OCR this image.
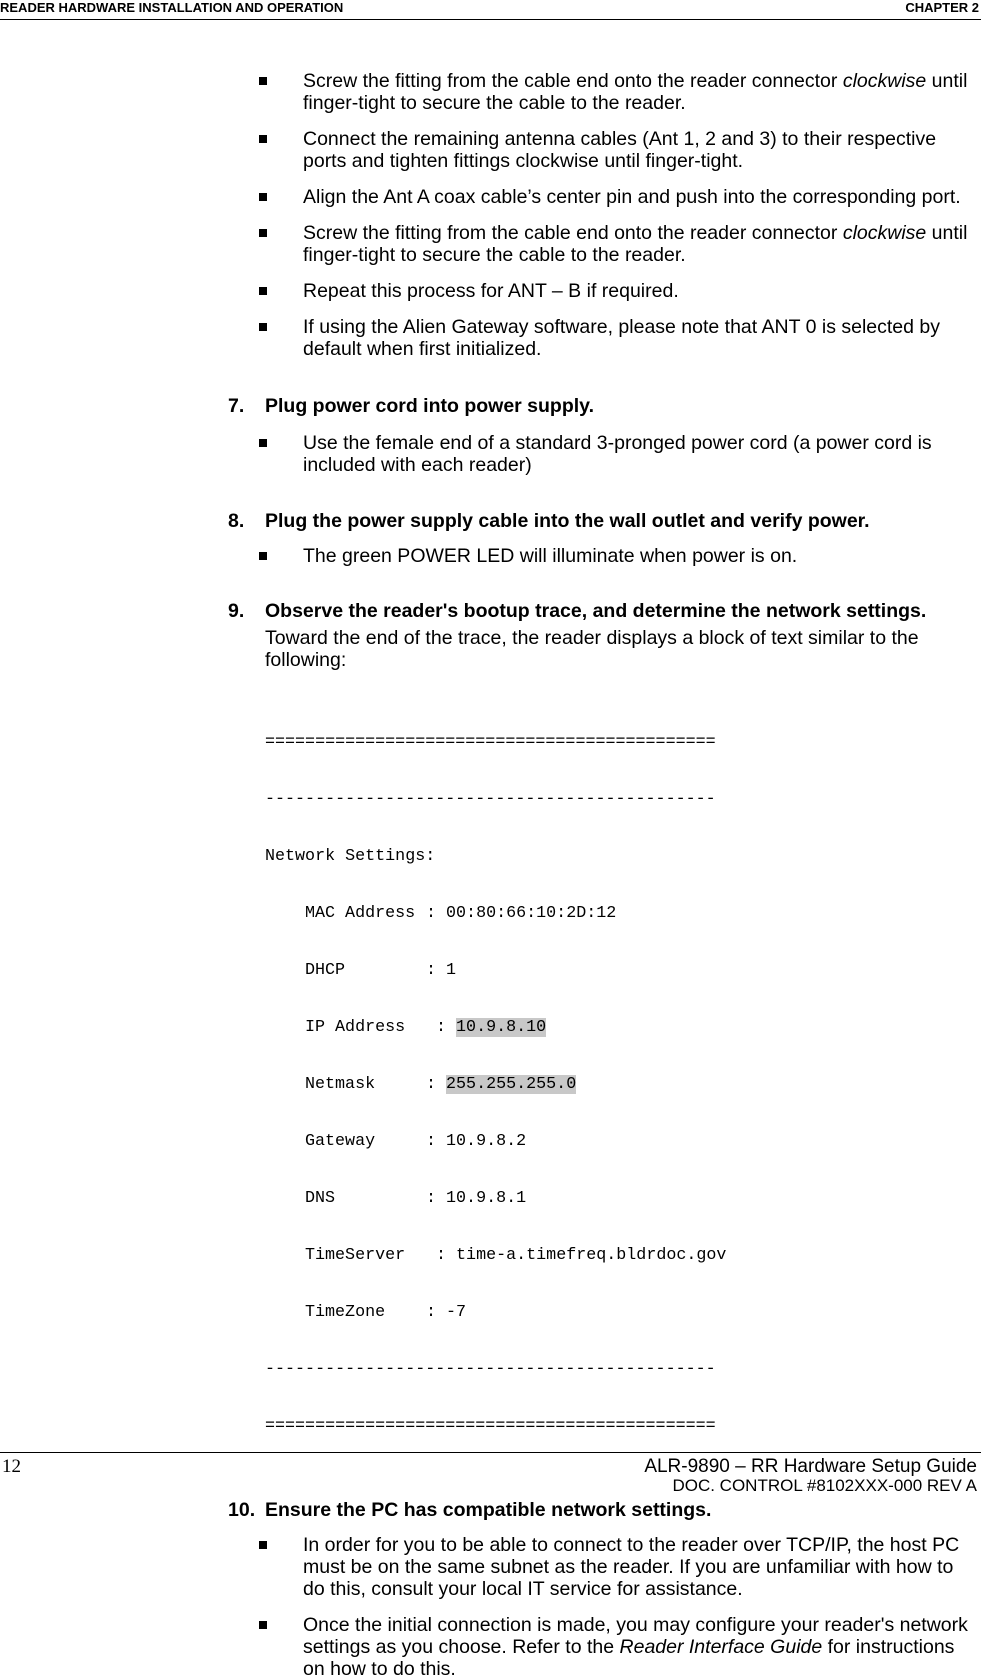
READER HARDWARE INSTALLATION AND OPERATION	CHAPTER 2
Screw the fitting from the cable end onto the reader connector clockwise until finger-tight to secure the cable to the reader.
Connect the remaining antenna cables (Ant 1, 2 and 3) to their respective ports and tighten fittings clockwise until finger-tight.
Align the Ant A coax cable’s center pin and push into the corresponding port.
Screw the fitting from the cable end onto the reader connector clockwise until finger-tight to secure the cable to the reader.
Repeat this process for ANT – B if required.
If using the Alien Gateway software, please note that ANT 0 is selected by default when first initialized.
7. Plug power cord into power supply.
Use the female end of a standard 3-pronged power cord (a power cord is included with each reader)
8. Plug the power supply cable into the wall outlet and verify power.
The green POWER LED will illuminate when power is on.
9. Observe the reader's bootup trace, and determine the network settings.
Toward the end of the trace, the reader displays a block of text similar to the following:

=============================================

---------------------------------------------

Network Settings:

MAC Address : 00:80:66:10:2D:12

DHCP	: 1

IP Address : 10.9.8.10

Netmask	: 255.255.255.0

Gateway	: 10.9.8.2

DNS	: 10.9.8.1

TimeServer : time-a.timefreq.bldrdoc.gov

TimeZone : -7

---------------------------------------------

=============================================

10. Ensure the PC has compatible network settings.
In order for you to be able to connect to the reader over TCP/IP, the host PC must be on the same subnet as the reader. If you are unfamiliar with how to do this, consult your local IT service for assistance.
Once the initial connection is made, you may configure your reader's network settings as you choose. Refer to the Reader Interface Guide for instructions on how to do this.
12	ALR-9890 – RR Hardware Setup Guide
DOC. CONTROL #8102XXX-000 REV A
